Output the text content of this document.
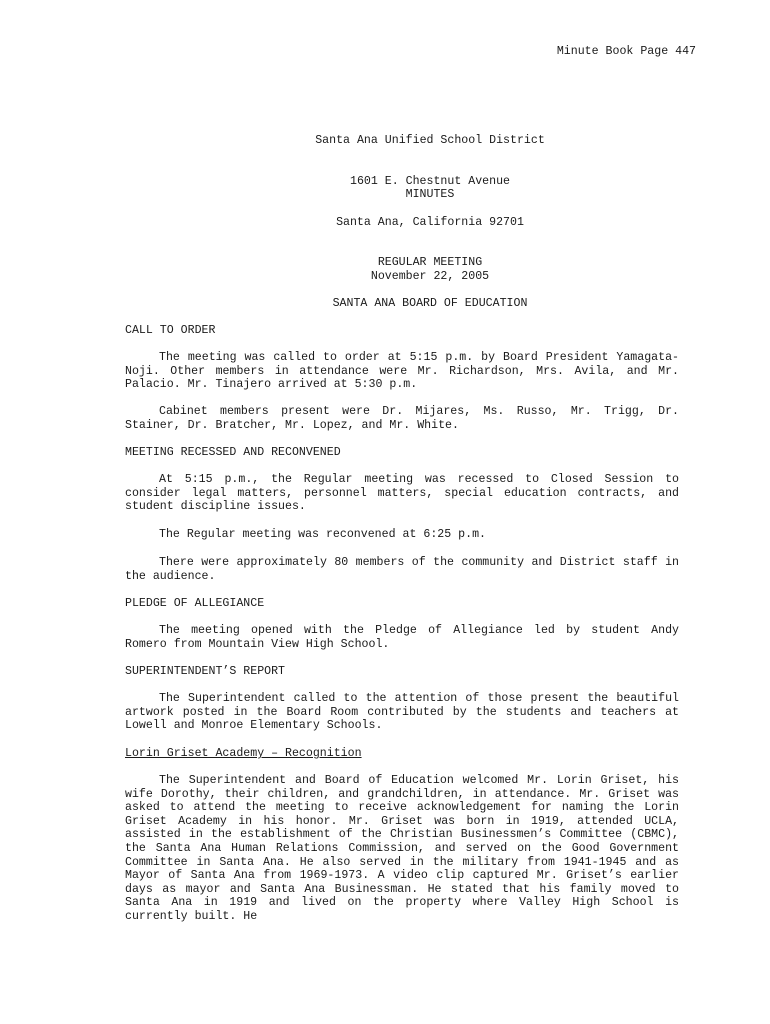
Minute Book Page 447

Santa Ana Unified School District

1601 E. Chestnut Avenue

Santa Ana, California 92701

MINUTES

REGULAR MEETING

SANTA ANA BOARD OF EDUCATION

November 22, 2005
CALL TO ORDER
The meeting was called to order at 5:15 p.m. by Board President Yamagata-Noji. Other members in attendance were Mr. Richardson, Mrs. Avila, and Mr. Palacio. Mr. Tinajero arrived at 5:30 p.m.
Cabinet members present were Dr. Mijares, Ms. Russo, Mr. Trigg, Dr. Stainer, Dr. Bratcher, Mr. Lopez, and Mr. White.
MEETING RECESSED AND RECONVENED
At 5:15 p.m., the Regular meeting was recessed to Closed Session to consider legal matters, personnel matters, special education contracts, and student discipline issues.
The Regular meeting was reconvened at 6:25 p.m.
There were approximately 80 members of the community and District staff in the audience.
PLEDGE OF ALLEGIANCE
The meeting opened with the Pledge of Allegiance led by student Andy Romero from Mountain View High School.
SUPERINTENDENT’S REPORT
The Superintendent called to the attention of those present the beautiful artwork posted in the Board Room contributed by the students and teachers at Lowell and Monroe Elementary Schools.
Lorin Griset Academy – Recognition
The Superintendent and Board of Education welcomed Mr. Lorin Griset, his wife Dorothy, their children, and grandchildren, in attendance. Mr. Griset was asked to attend the meeting to receive acknowledgement for naming the Lorin Griset Academy in his honor. Mr. Griset was born in 1919, attended UCLA, assisted in the establishment of the Christian Businessmen’s Committee (CBMC), the Santa Ana Human Relations Commission, and served on the Good Government Committee in Santa Ana. He also served in the military from 1941-1945 and as Mayor of Santa Ana from 1969-1973. A video clip captured Mr. Griset’s earlier days as mayor and Santa Ana Businessman. He stated that his family moved to Santa Ana in 1919 and lived on the property where Valley High School is currently built. He
